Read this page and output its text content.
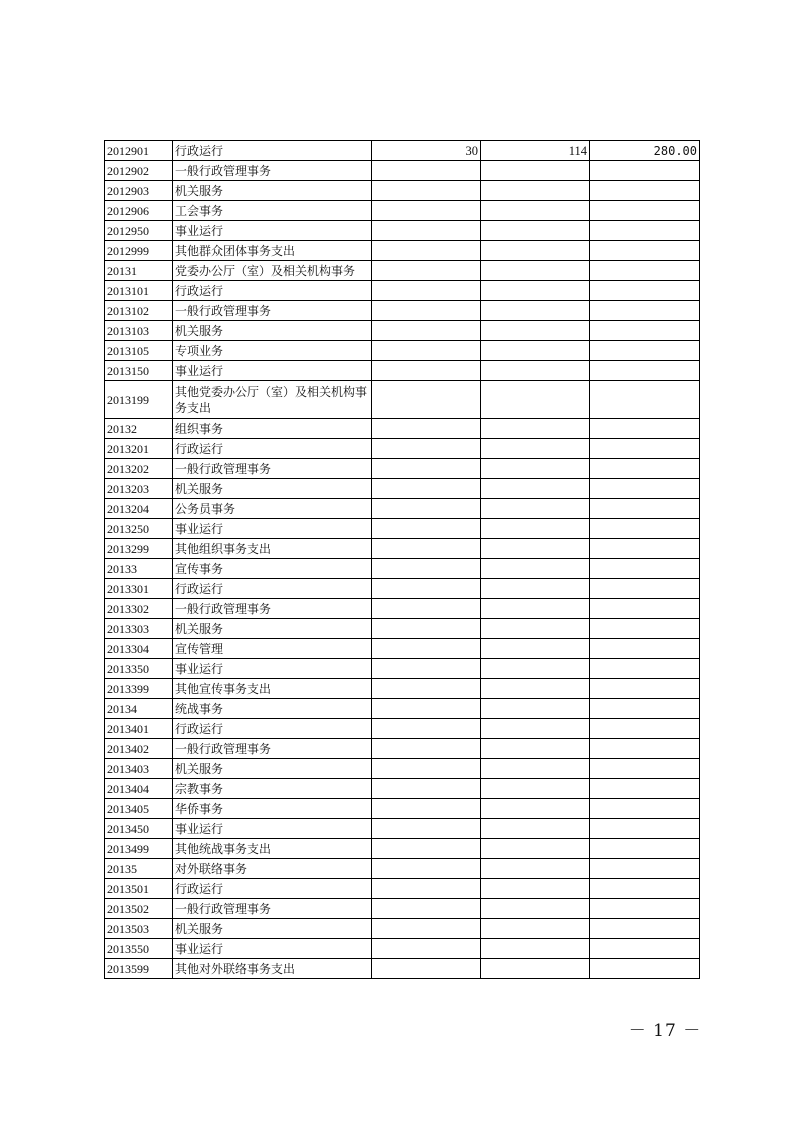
2012901	行政运行	30	114	280.00
2012902	一般行政管理事务			
2012903	机关服务			
2012906	工会事务			
2012950	事业运行			
2012999	其他群众团体事务支出			
20131	党委办公厅（室）及相关机构事务			
2013101	行政运行			
2013102	一般行政管理事务			
2013103	机关服务			
2013105	专项业务			
2013150	事业运行			
2013199	其他党委办公厅（室）及相关机构事务支出			
20132	组织事务			
2013201	行政运行			
2013202	一般行政管理事务			
2013203	机关服务			
2013204	公务员事务			
2013250	事业运行			
2013299	其他组织事务支出			
20133	宣传事务			
2013301	行政运行			
2013302	一般行政管理事务			
2013303	机关服务			
2013304	宣传管理			
2013350	事业运行			
2013399	其他宣传事务支出			
20134	统战事务			
2013401	行政运行			
2013402	一般行政管理事务			
2013403	机关服务			
2013404	宗教事务			
2013405	华侨事务			
2013450	事业运行			
2013499	其他统战事务支出			
20135	对外联络事务			
2013501	行政运行			
2013502	一般行政管理事务			
2013503	机关服务			
2013550	事业运行			
2013599	其他对外联络事务支出			
－ 17 －
